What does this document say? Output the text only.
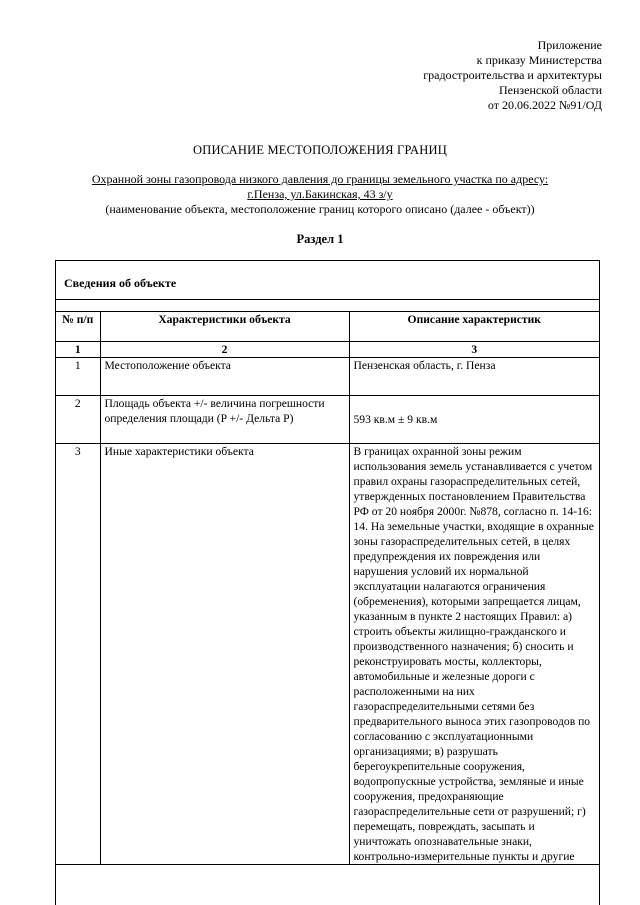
Приложение
к приказу Министерства
градостроительства и архитектуры
Пензенской области
от 20.06.2022 №91/ОД
ОПИСАНИЕ МЕСТОПОЛОЖЕНИЯ ГРАНИЦ
Охранной зоны газопровода низкого давления до границы земельного участка по адресу:
г.Пенза, ул.Бакинская, 43 з/у
(наименование объекта, местоположение границ которого описано (далее - объект))
Раздел 1
Сведения об объекте
№ п/п	Характеристики объекта	Описание характеристик
1	2	3
1	Местоположение объекта	Пензенская область, г. Пенза
2	Площадь объекта +/- величина погрешности определения площади (P +/- Дельта P)	593 кв.м ± 9 кв.м
3	Иные характеристики объекта	В границах охранной зоны режим использования земель устанавливается с учетом правил охраны газораспределительных сетей, утвержденных постановлением Правительства РФ от 20 ноября 2000г. №878, согласно п. 14-16: 14. На земельные участки, входящие в охранные зоны газораспределительных сетей, в целях предупреждения их повреждения или нарушения условий их нормальной эксплуатации налагаются ограничения (обременения), которыми запрещается лицам, указанным в пункте 2 настоящих Правил: а) строить объекты жилищно-гражданского и производственного назначения; б) сносить и реконструировать мосты, коллекторы, автомобильные и железные дороги с расположенными на них газораспределительными сетями без предварительного выноса этих газопроводов по согласованию с эксплуатационными организациями; в) разрушать берегоукрепительные сооружения, водопропускные устройства, земляные и иные сооружения, предохраняющие газораспределительные сети от разрушений; г) перемещать, повреждать, засыпать и уничтожать опознавательные знаки, контрольно-измерительные пункты и другие
